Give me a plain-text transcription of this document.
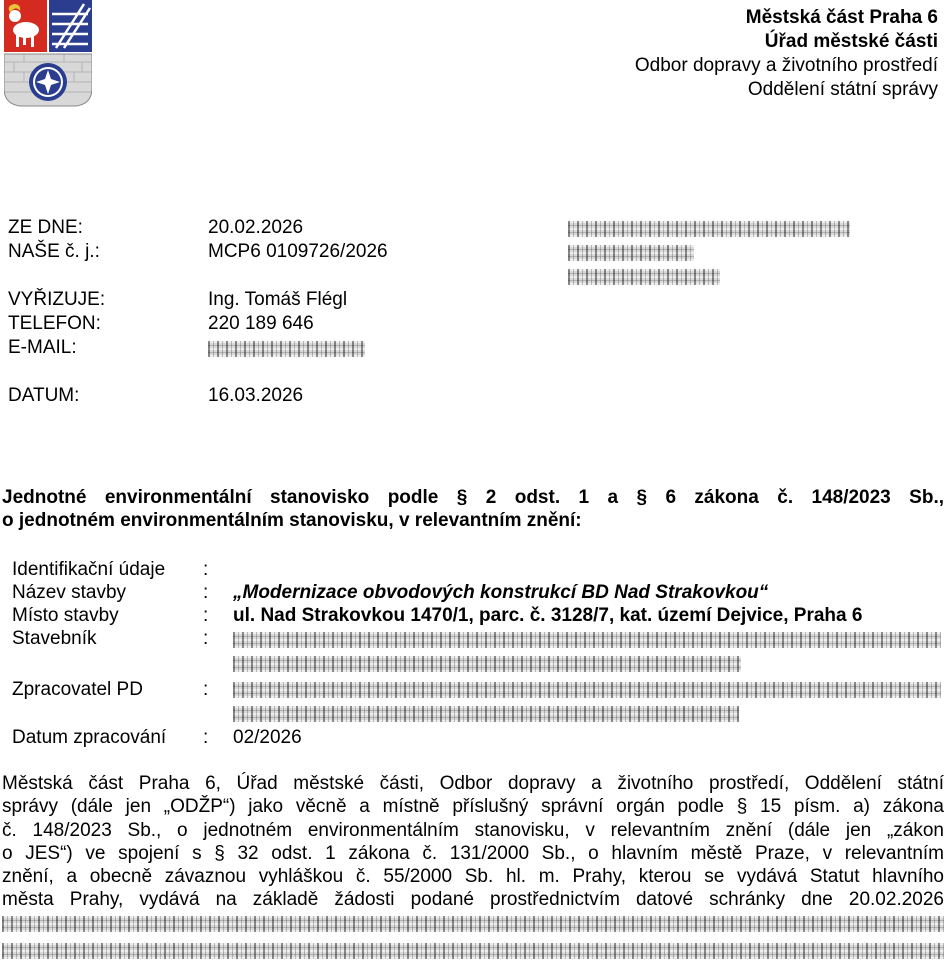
Městská část Praha 6
Úřad městské části
Odbor dopravy a životního prostředí
Oddělení státní správy
ZE DNE:	20.02.2026
NAŠE č. j.:	MCP6 0109726/2026
VYŘIZUJE:	Ing. Tomáš Flégl
TELEFON:	220 189 646
E-MAIL:
DATUM:	16.03.2026
Jednotné environmentální stanovisko podle § 2 odst. 1 a § 6 zákona č. 148/2023 Sb.,
o jednotném environmentálním stanovisku, v relevantním znění:
Identifikační údaje :
Název stavby	: „Modernizace obvodových konstrukcí BD Nad Strakovkou“
Místo stavby	: ul. Nad Strakovkou 1470/1, parc. č. 3128/7, kat. území Dejvice, Praha 6
Stavebník	:
Zpracovatel PD	:
Datum zpracování : 02/2026
Městská část Praha 6, Úřad městské části, Odbor dopravy a životního prostředí, Oddělení státní
správy (dále jen „ODŽP“) jako věcně a místně příslušný správní orgán podle § 15 písm. a) zákona
č. 148/2023 Sb., o jednotném environmentálním stanovisku, v relevantním znění (dále jen „zákon
o JES“) ve spojení s § 32 odst. 1 zákona č. 131/2000 Sb., o hlavním městě Praze, v relevantním
znění, a obecně závaznou vyhláškou č. 55/2000 Sb. hl. m. Prahy, kterou se vydává Statut hlavního
města Prahy, vydává na základě žádosti podané prostřednictvím datové schránky dne 20.02.2026
